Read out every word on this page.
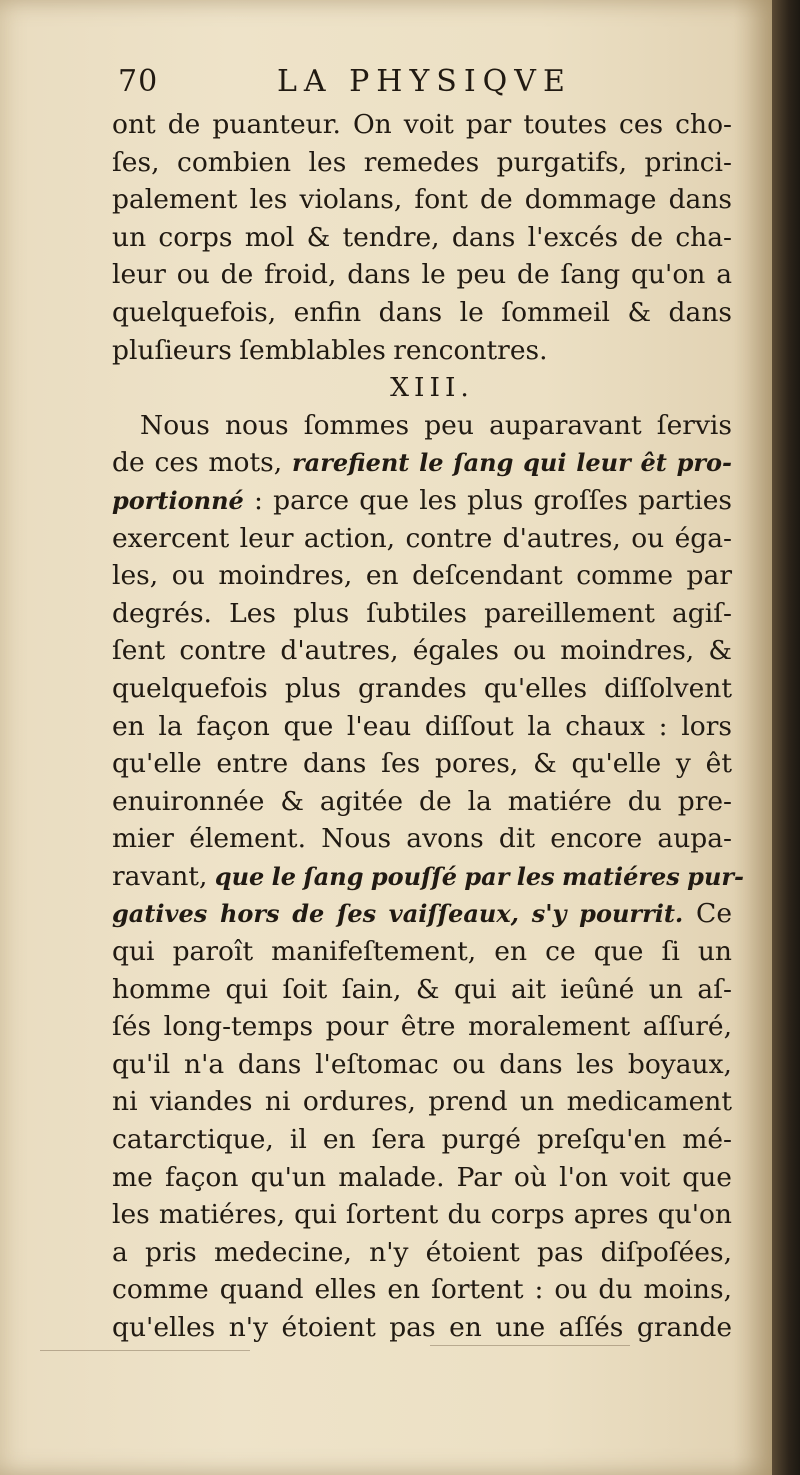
70	LA PHYSIQVE
ont de puanteur. On voit par toutes ces cho-
ſes, combien les remedes purgatifs, princi-
palement les violans, font de dommage dans
un corps mol & tendre, dans l'excés de cha-
leur ou de froid, dans le peu de ſang qu'on a
quelquefois, enfin dans le ſommeil & dans
pluſieurs ſemblables rencontres.
XIII.
Nous nous ſommes peu auparavant ſervis
de ces mots, rarefient le ſang qui leur êt pro-
portionné : parce que les plus groſſes parties
exercent leur action, contre d'autres, ou éga-
les, ou moindres, en deſcendant comme par
degrés. Les plus ſubtiles pareillement agiſ-
ſent contre d'autres, égales ou moindres, &
quelquefois plus grandes qu'elles diſſolvent
en la façon que l'eau diſſout la chaux : lors
qu'elle entre dans ſes pores, & qu'elle y êt
enuironnée & agitée de la matiére du pre-
mier élement. Nous avons dit encore aupa-
ravant, que le ſang pouſſé par les matiéres pur-
gatives hors de ſes vaiſſeaux, s'y pourrit. Ce
qui paroît manifeſtement, en ce que ſi un
homme qui ſoit ſain, & qui ait ieûné un aſ-
ſés long-temps pour être moralement aſſuré,
qu'il n'a dans l'eſtomac ou dans les boyaux,
ni viandes ni ordures, prend un medicament
catarctique, il en ſera purgé preſqu'en mé-
me façon qu'un malade. Par où l'on voit que
les matiéres, qui ſortent du corps apres qu'on
a pris medecine, n'y étoient pas diſpoſées,
comme quand elles en ſortent : ou du moins,
qu'elles n'y étoient pas en une aſſés grande
